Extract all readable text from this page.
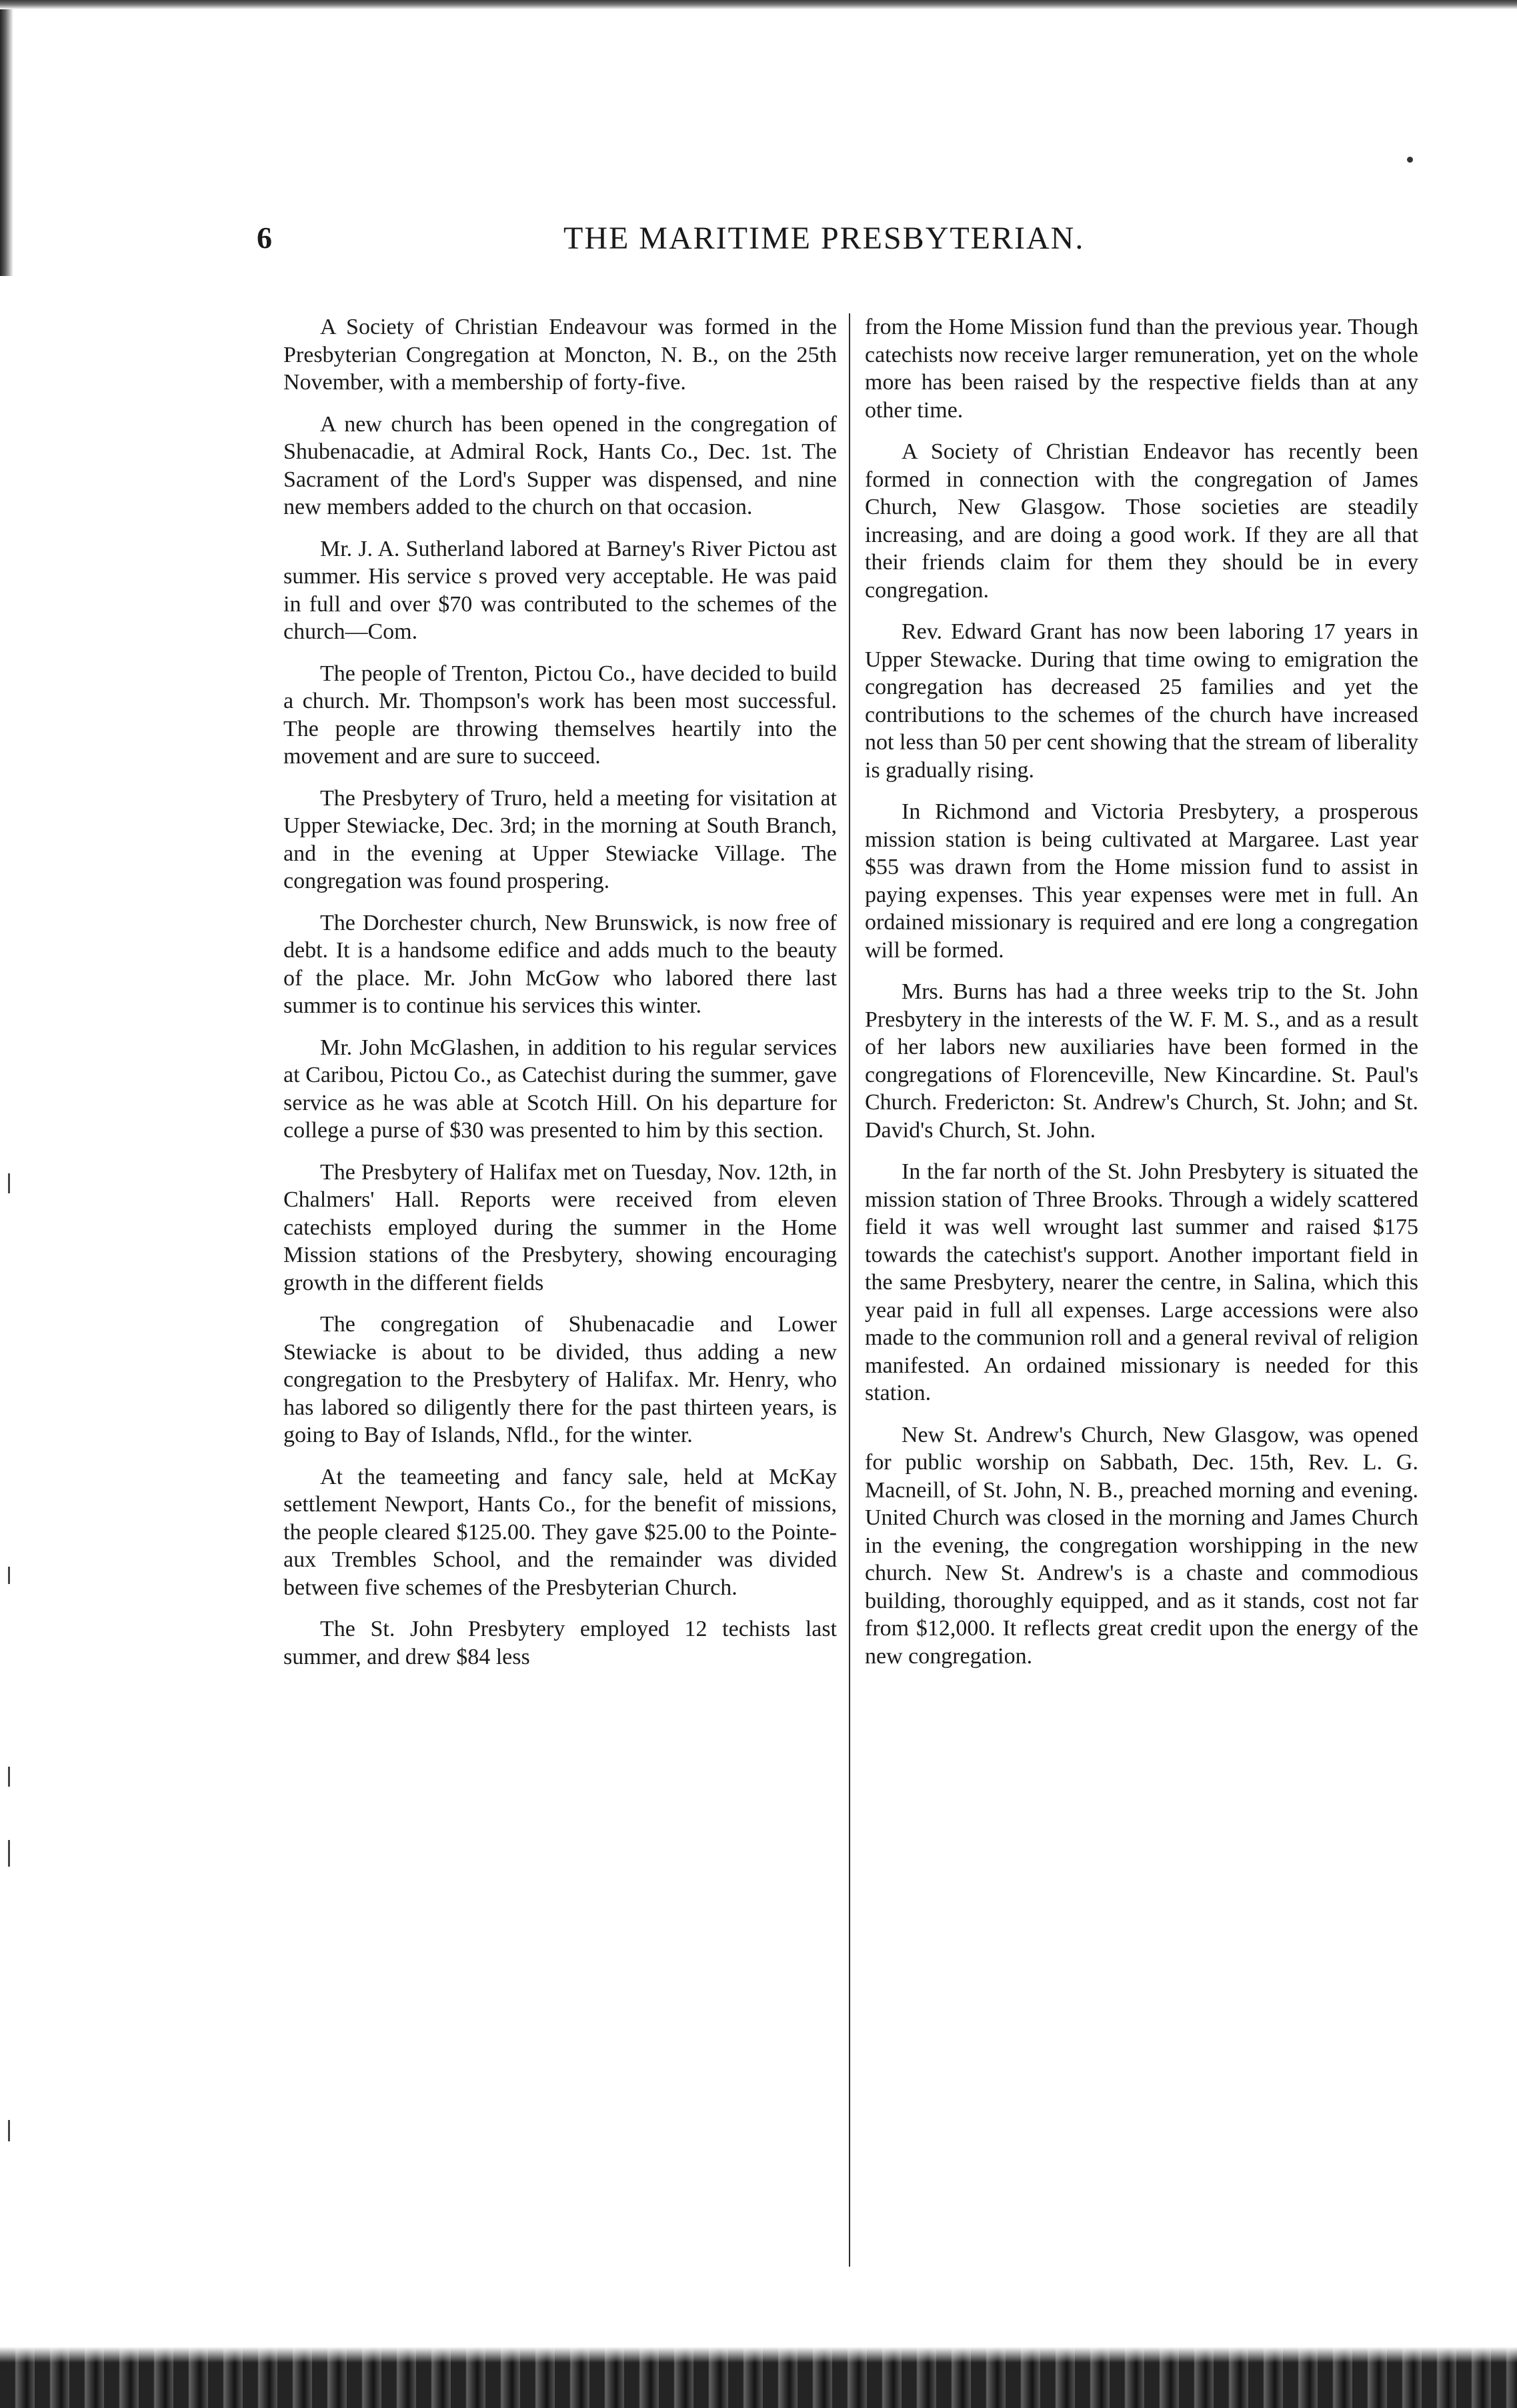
6	THE MARITIME PRESBYTERIAN.

A Society of Christian Endeavour was formed in the Presbyterian Congregation at Moncton, N. B., on the 25th November, with a membership of forty-five.

A new church has been opened in the congregation of Shubenacadie, at Admiral Rock, Hants Co., Dec. 1st. The Sacrament of the Lord's Supper was dispensed, and nine new members added to the church on that occasion.

Mr. J. A. Sutherland labored at Barney's River Pictou ast summer. His service s proved very acceptable. He was paid in full and over $70 was contributed to the schemes of the church—Com.

The people of Trenton, Pictou Co., have decided to build a church. Mr. Thompson's work has been most successful. The people are throwing themselves heartily into the movement and are sure to succeed.

The Presbytery of Truro, held a meeting for visitation at Upper Stewiacke, Dec. 3rd; in the morning at South Branch, and in the evening at Upper Stewiacke Village. The congregation was found prospering.

The Dorchester church, New Brunswick, is now free of debt. It is a handsome edifice and adds much to the beauty of the place. Mr. John McGow who labored there last summer is to continue his services this winter.

Mr. John McGlashen, in addition to his regular services at Caribou, Pictou Co., as Catechist during the summer, gave service as he was able at Scotch Hill. On his departure for college a purse of $30 was presented to him by this section.

The Presbytery of Halifax met on Tuesday, Nov. 12th, in Chalmers' Hall. Reports were received from eleven catechists employed during the summer in the Home Mission stations of the Presbytery, showing encouraging growth in the different fields

The congregation of Shubenacadie and Lower Stewiacke is about to be divided, thus adding a new congregation to the Presbytery of Halifax. Mr. Henry, who has labored so diligently there for the past thirteen years, is going to Bay of Islands, Nfld., for the winter.

At the teameeting and fancy sale, held at McKay settlement Newport, Hants Co., for the benefit of missions, the people cleared $125.00. They gave $25.00 to the Pointe-aux Trembles School, and the remainder was divided between five schemes of the Presbyterian Church.

The St. John Presbytery employed 12 techists last summer, and drew $84 less

from the Home Mission fund than the previous year. Though catechists now receive larger remuneration, yet on the whole more has been raised by the respective fields than at any other time.

A Society of Christian Endeavor has recently been formed in connection with the congregation of James Church, New Glasgow. Those societies are steadily increasing, and are doing a good work. If they are all that their friends claim for them they should be in every congregation.

Rev. Edward Grant has now been laboring 17 years in Upper Stewacke. During that time owing to emigration the congregation has decreased 25 families and yet the contributions to the schemes of the church have increased not less than 50 per cent showing that the stream of liberality is gradually rising.

In Richmond and Victoria Presbytery, a prosperous mission station is being cultivated at Margaree. Last year $55 was drawn from the Home mission fund to assist in paying expenses. This year expenses were met in full. An ordained missionary is required and ere long a congregation will be formed.

Mrs. Burns has had a three weeks trip to the St. John Presbytery in the interests of the W. F. M. S., and as a result of her labors new auxiliaries have been formed in the congregations of Florenceville, New Kincardine. St. Paul's Church. Fredericton: St. Andrew's Church, St. John; and St. David's Church, St. John.

In the far north of the St. John Presbytery is situated the mission station of Three Brooks. Through a widely scattered field it was well wrought last summer and raised $175 towards the catechist's support. Another important field in the same Presbytery, nearer the centre, in Salina, which this year paid in full all expenses. Large accessions were also made to the communion roll and a general revival of religion manifested. An ordained missionary is needed for this station.

New St. Andrew's Church, New Glasgow, was opened for public worship on Sabbath, Dec. 15th, Rev. L. G. Macneill, of St. John, N. B., preached morning and evening. United Church was closed in the morning and James Church in the evening, the congregation worshipping in the new church. New St. Andrew's is a chaste and commodious building, thoroughly equipped, and as it stands, cost not far from $12,000. It reflects great credit upon the energy of the new congregation.
